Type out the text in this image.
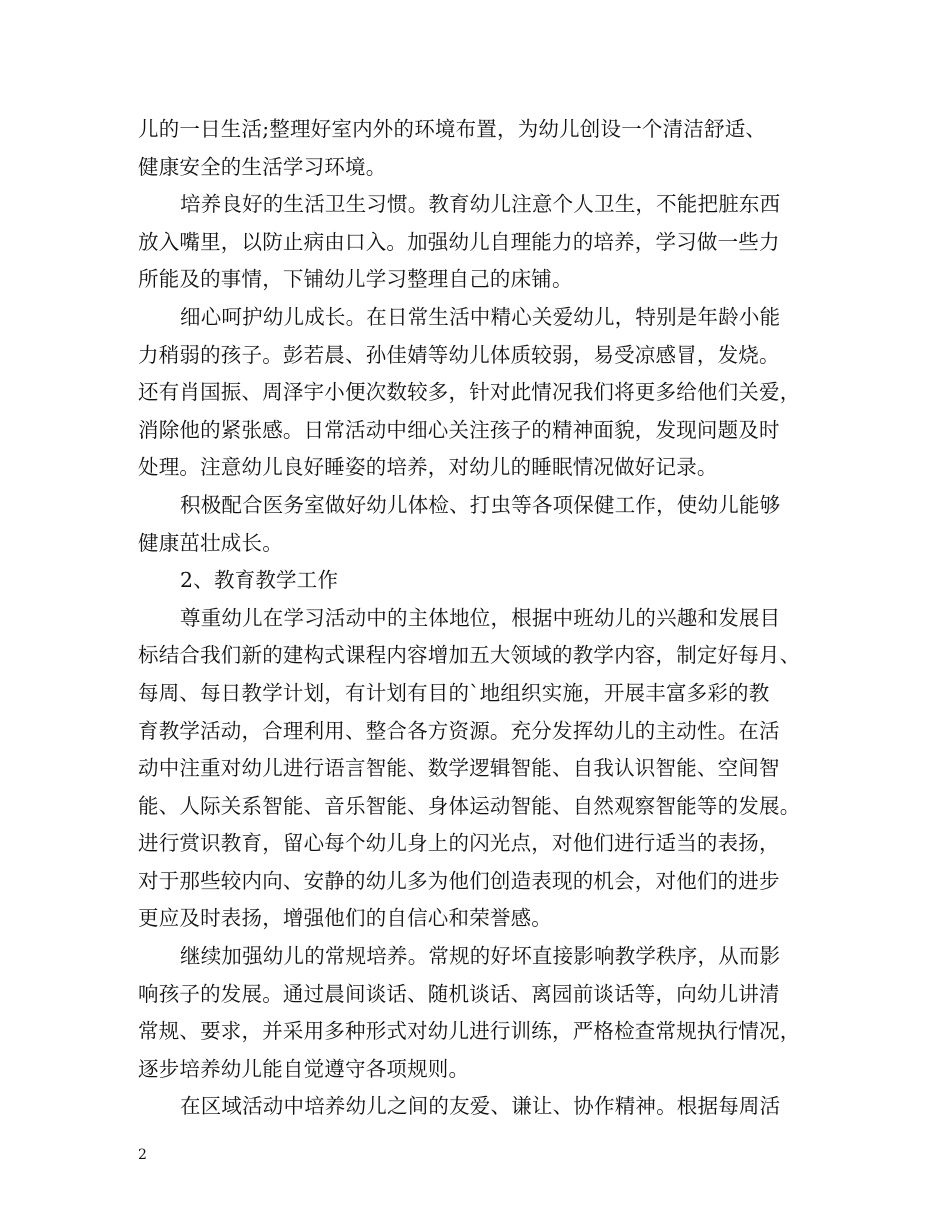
儿的一日生活;整理好室内外的环境布置，为幼儿创设一个清洁舒适、
健康安全的生活学习环境。
培养良好的生活卫生习惯。教育幼儿注意个人卫生，不能把脏东西
放入嘴里，以防止病由口入。加强幼儿自理能力的培养，学习做一些力
所能及的事情，下铺幼儿学习整理自己的床铺。
细心呵护幼儿成长。在日常生活中精心关爱幼儿，特别是年龄小能
力稍弱的孩子。彭若晨、孙佳婧等幼儿体质较弱，易受凉感冒，发烧。
还有肖国振、周泽宇小便次数较多，针对此情况我们将更多给他们关爱，
消除他的紧张感。日常活动中细心关注孩子的精神面貌，发现问题及时
处理。注意幼儿良好睡姿的培养，对幼儿的睡眠情况做好记录。
积极配合医务室做好幼儿体检、打虫等各项保健工作，使幼儿能够
健康茁壮成长。
2、教育教学工作
尊重幼儿在学习活动中的主体地位，根据中班幼儿的兴趣和发展目
标结合我们新的建构式课程内容增加五大领域的教学内容，制定好每月、
每周、每日教学计划，有计划有目的`地组织实施，开展丰富多彩的教
育教学活动，合理利用、整合各方资源。充分发挥幼儿的主动性。在活
动中注重对幼儿进行语言智能、数学逻辑智能、自我认识智能、空间智
能、人际关系智能、音乐智能、身体运动智能、自然观察智能等的发展。
进行赏识教育，留心每个幼儿身上的闪光点，对他们进行适当的表扬，
对于那些较内向、安静的幼儿多为他们创造表现的机会，对他们的进步
更应及时表扬，增强他们的自信心和荣誉感。
继续加强幼儿的常规培养。常规的好坏直接影响教学秩序，从而影
响孩子的发展。通过晨间谈话、随机谈话、离园前谈话等，向幼儿讲清
常规、要求，并采用多种形式对幼儿进行训练，严格检查常规执行情况，
逐步培养幼儿能自觉遵守各项规则。
在区域活动中培养幼儿之间的友爱、谦让、协作精神。根据每周活
2
